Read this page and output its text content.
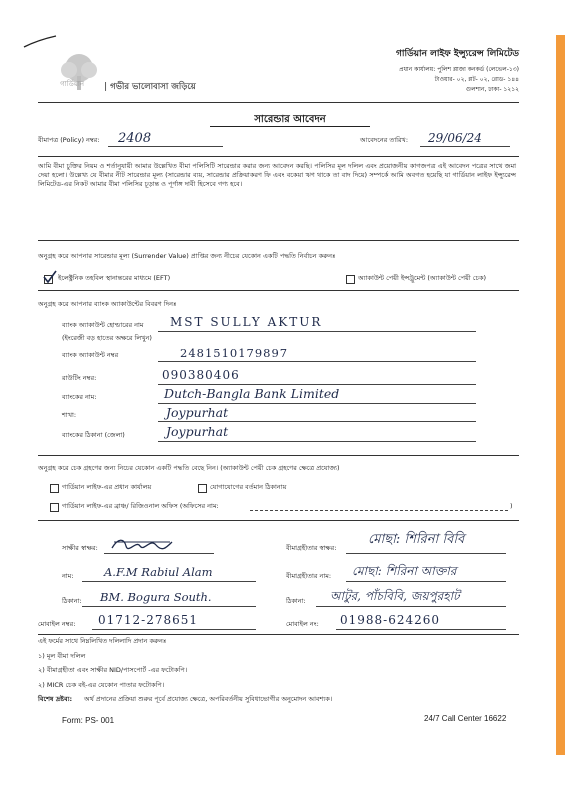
গার্ডিয়ান | গভীর ভালোবাসা জড়িয়ে
গার্ডিয়ান লাইফ ইন্স্যুরেন্স লিমিটেড
প্রধান কার্যালয়: পুলিশ প্লাজা কনকর্ড (লেভেল-১৩)
টাওয়ার- ০২, প্লট- ০২, রোড- ১৪৪
গুলশান, ঢাকা- ১২১২
সারেন্ডার আবেদন
বীমাপত্র (Policy) নম্বর: 2408	আবেদনের তারিখ: 29/06/24
আমি বীমা চুক্তির নিয়ম ও শর্তানুযায়ী আমার উল্লেখিত বীমা পলিসিটি সারেন্ডার করার জন্য আবেদন করছি। পলিসির মূল দলিল এবং প্রয়োজনীয় কাগজপত্র এই আবেদন পত্রের সাথে জমা দেয়া হলো। উল্লেখ্য যে বীমার নীট সারেন্ডার মূল্য (সারেন্ডার ব্যয়, সারেন্ডার প্রক্রিয়াকরণ ফি এবং বকেয়া ঋণ থাকে তা বাদ দিয়ে) সম্পর্কে আমি অবগত হয়েছি যা গার্ডিয়ান লাইফ ইন্স্যুরেন্স লিমিটেড-এর নিকট আমার বীমা পলিসির চূড়ান্ত ও পূর্ণাঙ্গ দাবী হিসেবে গণ্য হবে।
অনুগ্রহ করে আপনার সারেন্ডার মূল্য (Surrender Value) প্রাপ্তির জন্য নীচের যেকোন একটি পদ্ধতি নির্বাচন করুনঃ
ইলেক্ট্রনিক তহবিল স্থানান্তরের মাধ্যমে (EFT)	অ্যাকাউন্ট পেয়ী ইন্সট্রুমেন্ট (অ্যাকাউন্ট পেয়ী চেক)
অনুগ্রহ করে আপনার ব্যাংক অ্যাকাউন্টের বিবরণ দিনঃ
ব্যাংক অ্যাকাউন্ট হোল্ডারের নাম
(ইংরেজী বড় হাতের অক্ষরে লিখুন)
MST SULLY AKTUR
ব্যাংক অ্যাকাউন্ট নম্বর	2481510179897
রাউটিং নম্বর:	090380406
ব্যাংকের নাম:	Dutch-Bangla Bank Limited
শাখা:	Joypurhat
ব্যাংকের ঠিকানা (জেলা)	Joypurhat
অনুগ্রহ করে চেক গ্রহণের জন্য নিচের যেকোন একটি পদ্ধতি বেছে নিন। (অ্যাকাউন্ট পেয়ী চেক গ্রহণের ক্ষেত্রে প্রযোজ্য)
গার্ডিয়ান লাইফ-এর প্রধান কার্যালয়	যোগাযোগের বর্তমান ঠিকানায়
গার্ডিয়ান লাইফ-এর ব্রাঞ্চ/ রিজিওনাল অফিস (অফিসের নাম:	)
সাক্ষীর স্বাক্ষর:	বীমাগ্রহীতার স্বাক্ষর:
মোছা: শিরিনা বিবি
নাম:	A.F.M Rabiul Alam	বীমাগ্রহীতার নাম: মোছা: শিরিনা আক্তার
ঠিকানা: BM. Bogura South.	ঠিকানা: আটুর, পাঁচবিবি, জয়পুরহাট
মোবাইল নম্বর: 01712-278651	মোবাইল নং: 01988-624260
এই ফর্মের সাথে নিম্নলিখিত দলিলাদি প্রদান করুনঃ
১) মূল বীমা দলিল
২) বীমাগ্রহীতা এবং সাক্ষীর NID/পাসপোর্ট -এর ফটোকপি।
২) MICR চেক বই-এর যেকোন পাতার ফটোকপি।
বিশেষ দ্রষ্টব্য: অর্থ প্রদানের প্রক্রিয়া শুরুর পূর্বে প্রযোজ্য ক্ষেত্রে, অপরিবর্তনীয় সুবিধাভোগীর অনুমোদন আবশ্যক।
Form: PS- 001	24/7 Call Center 16622
